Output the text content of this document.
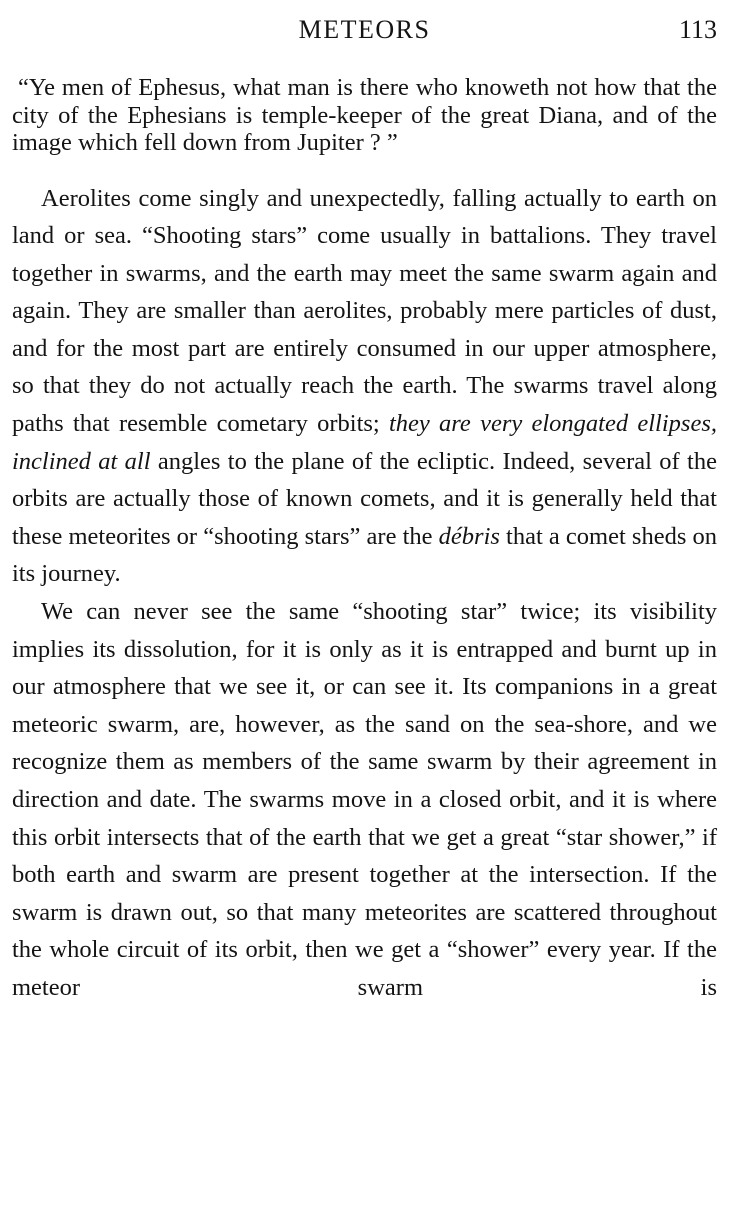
METEORS	113

“Ye men of Ephesus, what man is there who knoweth not how that the city of the Ephesians is temple-keeper of the great Diana, and of the image which fell down from Jupiter ? ”

Aerolites come singly and unexpectedly, falling actually to earth on land or sea. “Shooting stars” come usually in battalions. They travel together in swarms, and the earth may meet the same swarm again and again. They are smaller than aerolites, probably mere particles of dust, and for the most part are entirely consumed in our upper atmosphere, so that they do not actually reach the earth. The swarms travel along paths that resemble cometary orbits; they are very elongated ellipses, inclined at all angles to the plane of the ecliptic. Indeed, several of the orbits are actually those of known comets, and it is generally held that these meteorites or “shooting stars” are the débris that a comet sheds on its journey.

We can never see the same “shooting star” twice; its visibility implies its dissolution, for it is only as it is entrapped and burnt up in our atmosphere that we see it, or can see it. Its companions in a great meteoric swarm, are, however, as the sand on the sea-shore, and we recognize them as members of the same swarm by their agreement in direction and date. The swarms move in a closed orbit, and it is where this orbit intersects that of the earth that we get a great “star shower,” if both earth and swarm are present together at the intersection. If the swarm is drawn out, so that many meteorites are scattered throughout the whole circuit of its orbit, then we get a “shower” every year. If the meteor swarm is
